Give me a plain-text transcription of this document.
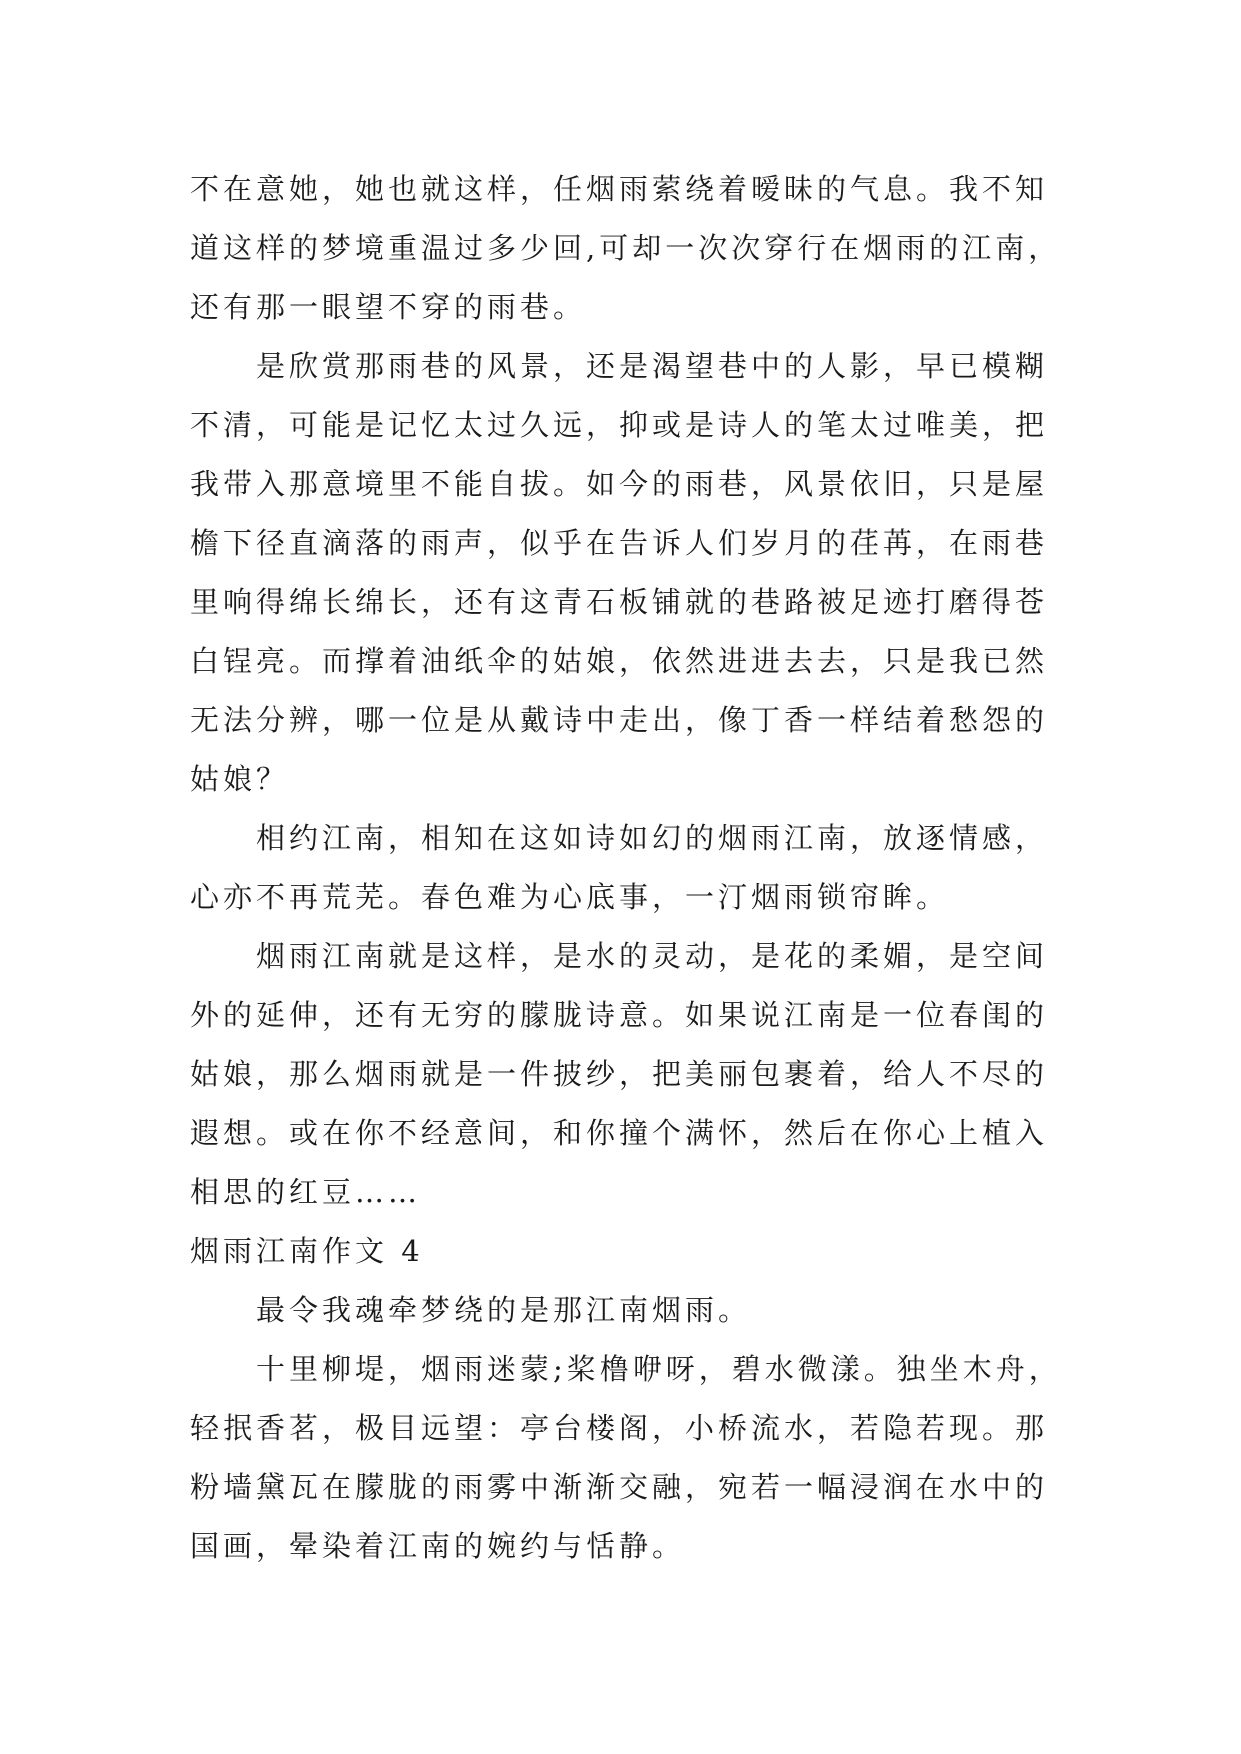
不在意她，她也就这样，任烟雨萦绕着暧昧的气息。我不知
道这样的梦境重温过多少回,可却一次次穿行在烟雨的江南，
还有那一眼望不穿的雨巷。
是欣赏那雨巷的风景，还是渴望巷中的人影，早已模糊
不清，可能是记忆太过久远，抑或是诗人的笔太过唯美，把
我带入那意境里不能自拔。如今的雨巷，风景依旧，只是屋
檐下径直滴落的雨声，似乎在告诉人们岁月的荏苒，在雨巷
里响得绵长绵长，还有这青石板铺就的巷路被足迹打磨得苍
白锃亮。而撑着油纸伞的姑娘，依然进进去去，只是我已然
无法分辨，哪一位是从戴诗中走出，像丁香一样结着愁怨的
姑娘？
相约江南，相知在这如诗如幻的烟雨江南，放逐情感，
心亦不再荒芜。春色难为心底事，一汀烟雨锁帘眸。
烟雨江南就是这样，是水的灵动，是花的柔媚，是空间
外的延伸，还有无穷的朦胧诗意。如果说江南是一位春闺的
姑娘，那么烟雨就是一件披纱，把美丽包裹着，给人不尽的
遐想。或在你不经意间，和你撞个满怀，然后在你心上植入
相思的红豆……
烟雨江南作文 4
最令我魂牵梦绕的是那江南烟雨。
十里柳堤，烟雨迷蒙;桨橹咿呀，碧水微漾。独坐木舟，
轻抿香茗，极目远望：亭台楼阁，小桥流水，若隐若现。那
粉墙黛瓦在朦胧的雨雾中渐渐交融，宛若一幅浸润在水中的
国画，晕染着江南的婉约与恬静。
